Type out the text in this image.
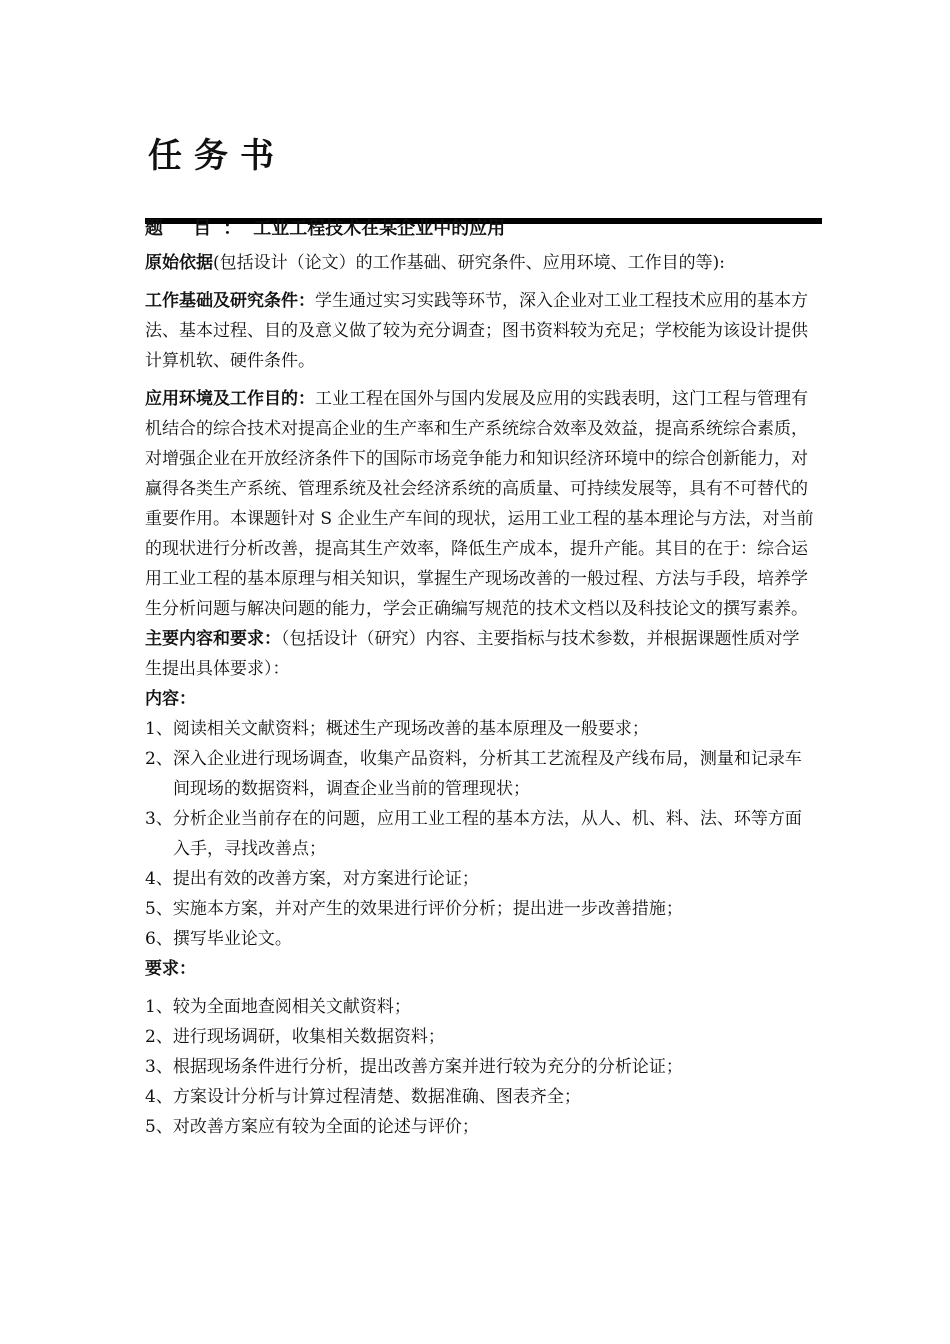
任务书
题 目：工业工程技术在某企业中的应用

原始依据(包括设计（论文）的工作基础、研究条件、应用环境、工作目的等):

工作基础及研究条件：学生通过实习实践等环节，深入企业对工业工程技术应用的基本方法、基本过程、目的及意义做了较为充分调查；图书资料较为充足；学校能为该设计提供计算机软、硬件条件。

应用环境及工作目的：工业工程在国外与国内发展及应用的实践表明，这门工程与管理有机结合的综合技术对提高企业的生产率和生产系统综合效率及效益，提高系统综合素质，对增强企业在开放经济条件下的国际市场竞争能力和知识经济环境中的综合创新能力，对赢得各类生产系统、管理系统及社会经济系统的高质量、可持续发展等，具有不可替代的重要作用。本课题针对 S 企业生产车间的现状，运用工业工程的基本理论与方法，对当前的现状进行分析改善，提高其生产效率，降低生产成本，提升产能。其目的在于：综合运用工业工程的基本原理与相关知识，掌握生产现场改善的一般过程、方法与手段，培养学生分析问题与解决问题的能力，学会正确编写规范的技术文档以及科技论文的撰写素养。

主要内容和要求：（包括设计（研究）内容、主要指标与技术参数，并根据课题性质对学生提出具体要求）：

内容：

1、阅读相关文献资料；概述生产现场改善的基本原理及一般要求；

2、深入企业进行现场调查，收集产品资料，分析其工艺流程及产线布局，测量和记录车间现场的数据资料，调查企业当前的管理现状；

3、分析企业当前存在的问题，应用工业工程的基本方法，从人、机、料、法、环等方面入手，寻找改善点；

4、提出有效的改善方案，对方案进行论证；

5、实施本方案，并对产生的效果进行评价分析；提出进一步改善措施；

6、撰写毕业论文。

要求：

1、较为全面地查阅相关文献资料；

2、进行现场调研，收集相关数据资料；

3、根据现场条件进行分析，提出改善方案并进行较为充分的分析论证；

4、方案设计分析与计算过程清楚、数据准确、图表齐全；

5、对改善方案应有较为全面的论述与评价；
